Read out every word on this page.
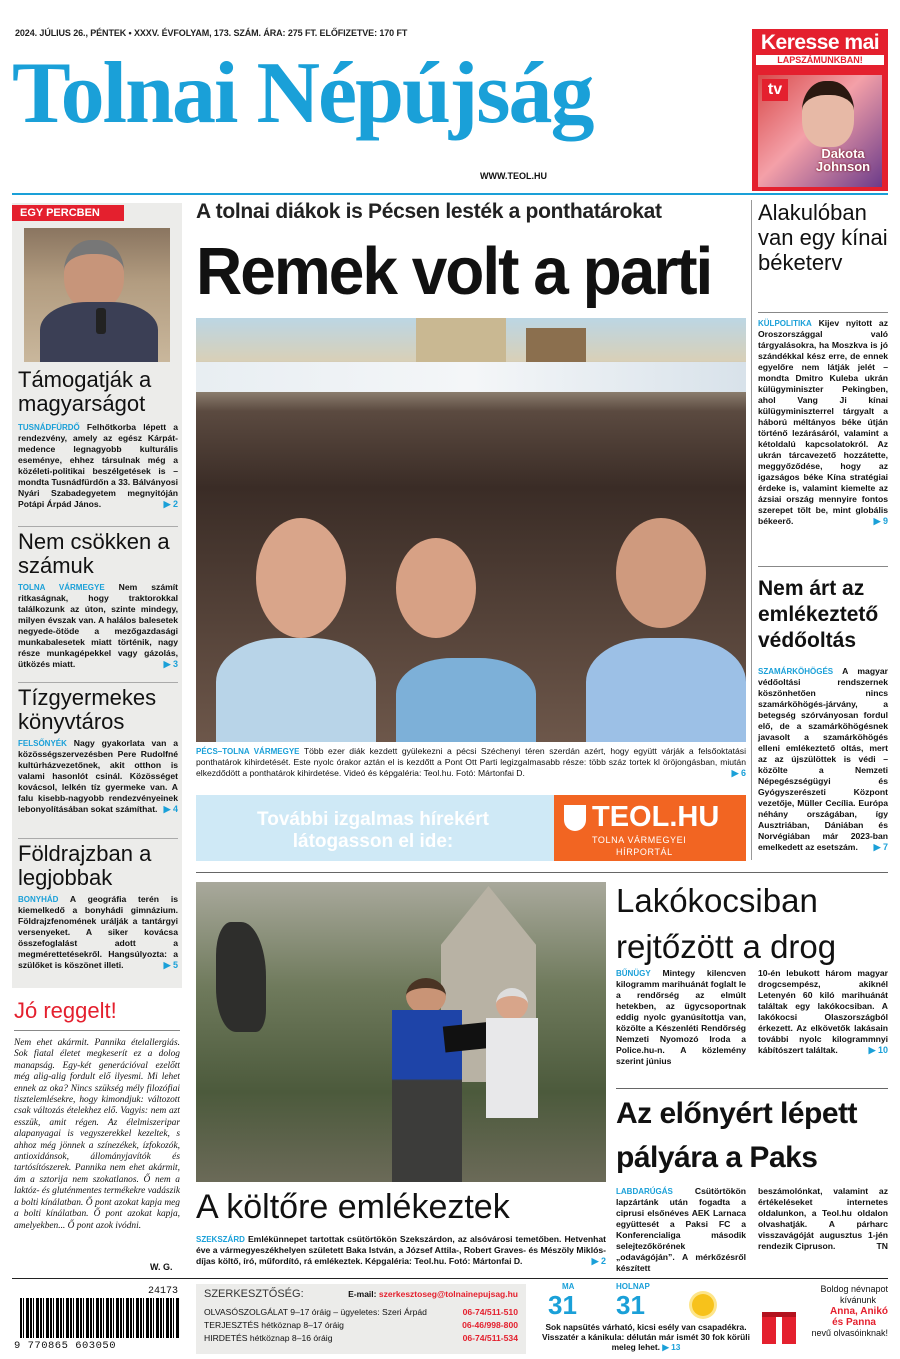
2024. JÚLIUS 26., PÉNTEK • XXXV. ÉVFOLYAM, 173. SZÁM. ÁRA: 275 FT. ELŐFIZETVE: 170 FT
Tolnai Népújság
WWW.TEOL.HU
Keresse mai
LAPSZÁMUNKBAN!
tv
Dakota Johnson
EGY PERCBEN
Támogatják a magyarságot
TUSNÁDFÜRDŐ Felhőtkorba lépett a rendezvény, amely az egész Kárpát-medence legnagyobb kulturális eseménye, ehhez társulnak még a közéleti-politikai beszélgetések is – mondta Tusnádfürdőn a 33. Bálványosi Nyári Szabadegyetem megnyitóján Potápi Árpád János.	▶ 2
Nem csökken a számuk
TOLNA VÁRMEGYE Nem számít ritkaságnak, hogy traktorokkal találkozunk az úton, szinte mindegy, milyen évszak van. A halálos balesetek negyede-ötöde a mezőgazdasági munkabalesetek miatt történik, nagy része munkagépekkel vagy gázolás, ütközés miatt.	▶ 3
Tízgyermekes könyvtáros
FELSŐNYÉK Nagy gyakorlata van a közösségszervezésben Pere Rudolfné kultúrházvezetőnek, akit otthon is valami hasonlót csinál. Közösséget kovácsol, lelkén tíz gyermeke van. A falu kisebb-nagyobb rendezvényeinek lebonyolításában sokat számíthat. ▶ 4
Földrajzban a legjobbak
BONYHÁD A geográfia terén is kiemelkedő a bonyhádi gimnázium. Földrajzfenomének urálják a tantárgyi versenyeket. A siker kovácsa összefoglalást adott a megmérettetésekről. Hangsúlyozta: a szülőket is köszönet illeti.	▶ 5
Jó reggelt!
Nem ehet akármit. Pannika ételallergiás. Sok fiatal életet megkeserít ez a dolog manapság. Egy-két generációval ezelőtt még alig-alig fordult elő ilyesmi. Mi lehet ennek az oka? Nincs szükség mély filozófiai tisztelemlésekre, hogy kimondjuk: változott csak változás ételekhez elő. Vagyis: nem azt esszük, amit régen. Az élelmiszeripar alapanyagai is vegyszerekkel kezeltek, s ahhoz még jönnek a színezékek, ízfokozók, antioxidánsok, állományjavítók és tartósítószerek. Pannika nem ehet akármit, ám a sztorija nem szokatlanos. Ő nem a laktóz- és gluténmentes termékekre vadászik a bolti kínálatban. Ő pont azokat kapja meg a bolti kínálatban. Ő pont azokat kapja, amelyekben... Ő pont azok ivódni.
W. G.
A tolnai diákok is Pécsen lesték a ponthatárokat
Remek volt a parti
PÉCS–TOLNA VÁRMEGYE Több ezer diák kezdett gyülekezni a pécsi Széchenyi téren szerdán azért, hogy együtt várják a felsőoktatási ponthatárok kihirdetését. Este nyolc órakor aztán el is kezdőtt a Pont Ott Parti legizgalmasabb része: több száz tortek kl öröjongásban, miután elkezdődött a ponthatárok kihirdetése. Videó és képgaléria: Teol.hu. Fotó: Mártonfai D.	▶ 6
További izgalmas hírekért
látogasson el ide:
TEOL.HU
TOLNA VÁRMEGYEI
HÍRPORTÁL
Alakulóban van egy kínai béketerv
KÜLPOLITIKA Kijev nyitott az Oroszországgal való tárgyalásokra, ha Moszkva is jó szándékkal kész erre, de ennek egyelőre nem látják jelét – mondta Dmitro Kuleba ukrán külügyminiszter Pekingben, ahol Vang Ji kínai külügyminiszterrel tárgyalt a háború méltányos béke útján történő lezárásáról, valamint a kétoldalú kapcsolatokról. Az ukrán tárcavezető hozzátette, meggyőződése, hogy az igazságos béke Kína stratégiai érdeke is, valamint kiemelte az ázsiai ország mennyire fontos szerepet tölt be, mint globális békeerő.	▶ 9
Nem árt az emlékeztető védőoltás
SZAMÁRKÖHÖGÉS A magyar védőoltási rendszernek köszönhetően nincs szamárköhögés-járvány, a betegség szórványosan fordul elő, de a szamárköhögésnek javasolt a szamárköhögés elleni emlékeztető oltás, mert az az újszülöttek is védi – közölte a Nemzeti Népegészségügyi és Gyógyszerészeti Központ vezetője, Müller Cecília. Európa néhány országában, így Ausztriában, Dániában és Norvégiában már 2023-ban emelkedett az esetszám. ▶ 7
A költőre emlékeztek
SZEKSZÁRD Emlékünnepet tartottak csütörtökön Szekszárdon, az alsóvárosi temetőben. Hetvenhat éve a vármegyeszékhelyen született Baka István, a József Attila-, Robert Graves- és Mészöly Miklós-díjas költő, író, műfordító, rá emlékeztek. Képgaléria: Teol.hu. Fotó: Mártonfai D.	▶ 2
Lakókocsiban rejtőzött a drog
BŰNÜGY Mintegy kilencven kilogramm marihuánát foglalt le a rendőrség az elmúlt hetekben, az ügycsoportnak eddig nyolc gyanúsítottja van, közölte a Készenléti Rendőrség Nemzeti Nyomozó Iroda a Police.hu-n. A közlemény szerint június
10-én lebukott három magyar drogcsempész, akiknél Letenyén 60 kiló marihuánát találtak egy lakókocsiban. A lakókocsi Olaszországból érkezett. Az elkövetők lakásain további nyolc kilogrammnyi kábítószert találtak.	▶ 10
Az előnyért lépett pályára a Paks
LABDARÚGÁS	Csütörtökön lapzártánk után fogadta a ciprusi elsőnéves AEK Larnaca együttesét a Paksi FC a Konferencialiga második selejtezőkörének „odavágóján”. A mérkőzésről készített
beszámolónkat, valamint az értékeléseket internetes oldalunkon, a Teol.hu oldalon olvashatják. A párharc visszavágóját augusztus 1-jén rendezik Cipruson.	TN
24173
9 770865 603050
SZERKESZTŐSÉG:	E-mail: szerkesztoseg@tolnainepujsag.hu
OLVASÓSZOLGÁLAT 9–17 óráig – ügyeletes: Szeri Árpád	06-74/511-510
TERJESZTÉS hétköznap 8–17 óráig	06-46/998-800
HIRDETÉS hétköznap 8–16 óráig	06-74/511-534
MA
31
HOLNAP
31
Sok napsütés várható, kicsi esély van csapadékra. Visszatér a kánikula: délután már ismét 30 fok körüli meleg lehet. ▶ 13
Boldog névnapot
kívánunk
Anna, Anikó
és Panna
nevű olvasóinknak!
